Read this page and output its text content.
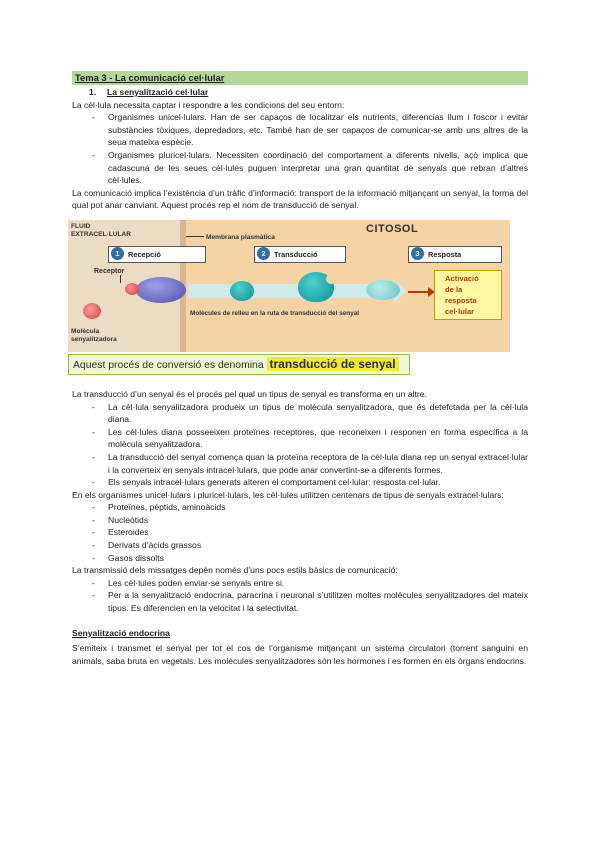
Tema 3 - La comunicació cel·lular
1. La senyalització cel·lular

La cèl·lula necessita captar i respondre a les condicions del seu entorn:

- Organismes unicel·lulars. Han de ser capaços de localitzar els nutrients, diferencias llum i foscor i evitar substàncies tòxiques, depredadors, etc. També han de ser capaços de comunicar-se amb uns altres de la seua mateixa espècie.
- Organismes pluricel·lulars. Necessiten coordinació del comportament a diferents nivells, açò implica que cadascuna de les seues cèl·lules puguen interpretar una gran quantitat de senyals que rebran d’altres cèl·lules.

La comunicació implica l’existència d’un tràfic d’informació: transport de la informació mitjançant un senyal, la forma del qual pot anar canviant. Aquest procés rep el nom de transducció de senyal.

FLUID
EXTRACEL·LULAR	CITOSOL
Membrana plasmàtica
1 Recepció	2 Transducció	3 Resposta
Receptor
Molècula
senyalitzadora
Molècules de relleu en la ruta de transducció del senyal
Activació
de la
resposta
cel·lular
Aquest procés de conversió es denomina transducció de senyal

La transducció d’un senyal és el procés pel qual un tipus de senyal es transforma en un altre.

- La cèl·lula senyalitzadora produeix un tipus de molècula senyalitzadora, que és detefctada per la cèl·lula diana.
- Les cèl·lules diana posseeixen proteïnes receptores, que reconeixen i responen en forma específica a la molècula senyalitzadora.
- La transducció del senyal comença quan la proteïna receptora de la cèl·lula diana rep un senyal extracel·lular i la converteix en senyals intracel·lulars, que pode anar convertint-se a diferents formes.
- Els senyals intracel·lulars generats alteren el comportament cel·lular: resposta cel·lular.

En els organismes unicel·lulars i pluricel·lulars, les cèl·lules utilitzen centenars de tipus de senyals extracel·lulars:

- Proteïnes, pèptids, aminoàcids
- Nucleòtids
- Esteroides
- Derivats d’àcids grassos
- Gasos dissolts

La transmissió dels missatges depèn només d’uns pocs estils bàsics de comunicació:

- Les cèl·lules poden enviar-se senyals entre si.
- Per a la senyalització endocrina, paracrina i neuronal s’utilitzen moltes molècules senyalitzadores del mateix tipus. Es diferencien en la velocitat i la selectivitat.
Senyalització endocrina

S’emiteix i transmet el senyal per tot el cos de l’organisme mitjançant un sistema circulatori (torrent sanguini en animals, saba bruta en vegetals. Les molècules senyalitzadores són les hormones i es formen en els òrgans endocrins.
